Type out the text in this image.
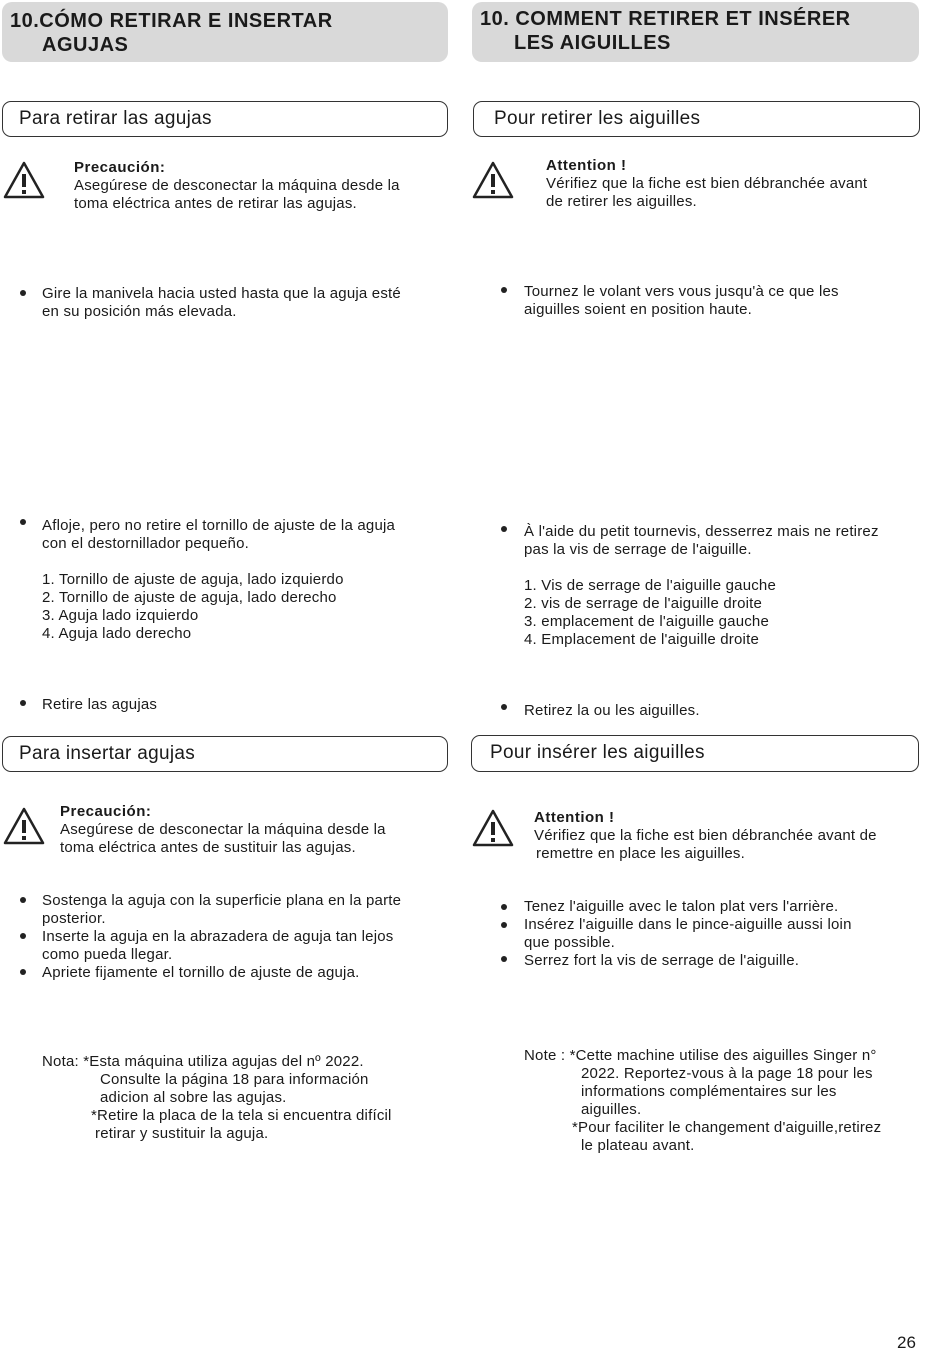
10.CÓMO RETIRAR E INSERTAR
AGUJAS
Para retirar las agujas
Precaución:
Asegúrese de desconectar la máquina desde la
toma eléctrica antes de retirar las agujas.
Gire la manivela hacia usted hasta que la aguja esté
en su posición más elevada.
Afloje, pero no retire el tornillo de ajuste de la aguja
con el destornillador pequeño.
1. Tornillo de ajuste de aguja, lado izquierdo
2. Tornillo de ajuste de aguja, lado derecho
3. Aguja lado izquierdo
4. Aguja lado derecho
Retire las agujas
Para insertar agujas
Precaución:
Asegúrese de desconectar la máquina desde la
toma eléctrica antes de sustituir las agujas.
Sostenga la aguja con la superficie plana en la parte
posterior.
Inserte la aguja en la abrazadera de aguja tan lejos
como pueda llegar.
Apriete fijamente el tornillo de ajuste de aguja.
Nota: *Esta máquina utiliza agujas del nº 2022.
Consulte la página 18 para información
adicion al sobre las agujas.
*Retire la placa de la tela si encuentra difícil
retirar y sustituir la aguja.
10. COMMENT RETIRER ET INSÉRER
LES AIGUILLES
Pour retirer les aiguilles
Attention !
Vérifiez que la fiche est bien débranchée avant
de retirer les aiguilles.
Tournez le volant vers vous jusqu'à ce que les
aiguilles soient en position haute.
À l'aide du petit tournevis, desserrez mais ne retirez
pas la vis de serrage de l'aiguille.
1. Vis de serrage de l'aiguille gauche
2. vis de serrage de l'aiguille droite
3. emplacement de l'aiguille gauche
4. Emplacement de l'aiguille droite
Retirez la ou les aiguilles.
Pour insérer les aiguilles
Attention !
Vérifiez que la fiche est bien débranchée avant de
remettre en place les aiguilles.
Tenez l'aiguille avec le talon plat vers l'arrière.
Insérez l'aiguille dans le pince-aiguille aussi loin
que possible.
Serrez fort la vis de serrage de l'aiguille.
Note : *Cette machine utilise des aiguilles Singer n°
2022. Reportez-vous à la page 18 pour les
informations complémentaires sur les
aiguilles.
*Pour faciliter le changement d'aiguille,retirez
le plateau avant.
26
